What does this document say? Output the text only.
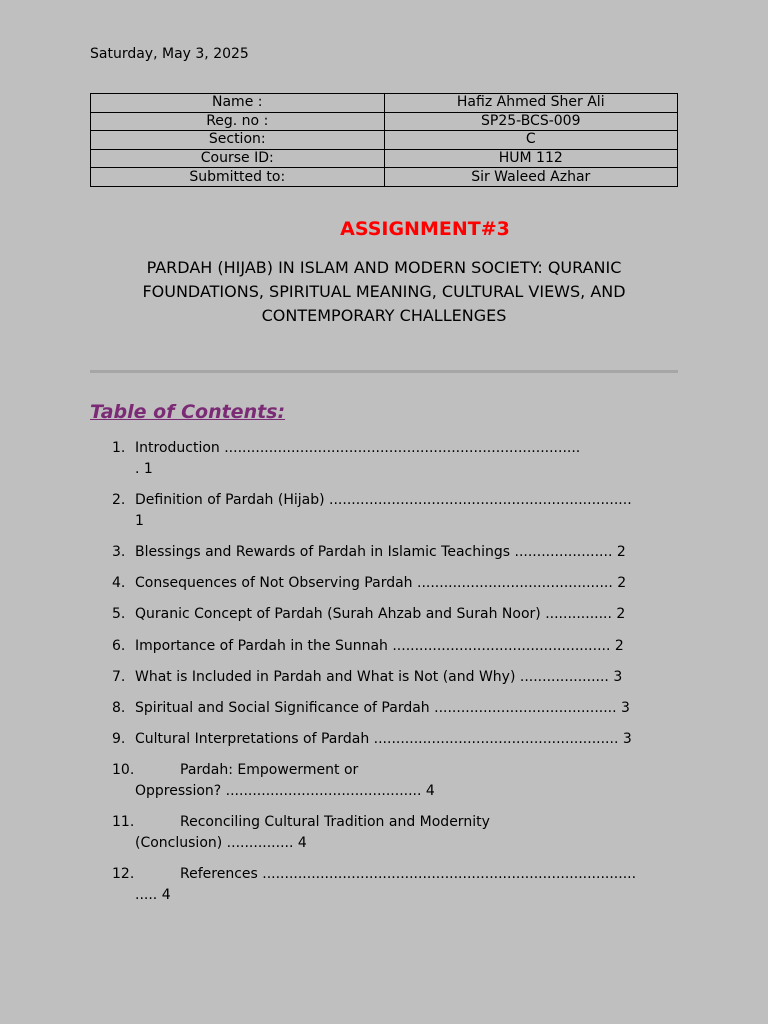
Saturday, May 3, 2025
Name :	Hafiz Ahmed Sher Ali
Reg. no :	SP25-BCS-009
Section:	C
Course ID:	HUM 112
Submitted to:	Sir Waleed Azhar
ASSIGNMENT#3
PARDAH (HIJAB) IN ISLAM AND MODERN SOCIETY: QURANIC
FOUNDATIONS, SPIRITUAL MEANING, CULTURAL VIEWS, AND
CONTEMPORARY CHALLENGES
Table of Contents:
1. Introduction ................................................................................
. 1
2. Definition of Pardah (Hijab) ....................................................................
1
3. Blessings and Rewards of Pardah in Islamic Teachings ...................... 2
4. Consequences of Not Observing Pardah ............................................ 2
5. Quranic Concept of Pardah (Surah Ahzab and Surah Noor) ............... 2
6. Importance of Pardah in the Sunnah ................................................. 2
7. What is Included in Pardah and What is Not (and Why) .................... 3
8. Spiritual and Social Significance of Pardah ......................................... 3
9. Cultural Interpretations of Pardah ....................................................... 3
10.	Pardah: Empowerment or
Oppression? ............................................ 4
11.	Reconciling Cultural Tradition and Modernity
(Conclusion) ............... 4
12.	References ....................................................................................
..... 4
